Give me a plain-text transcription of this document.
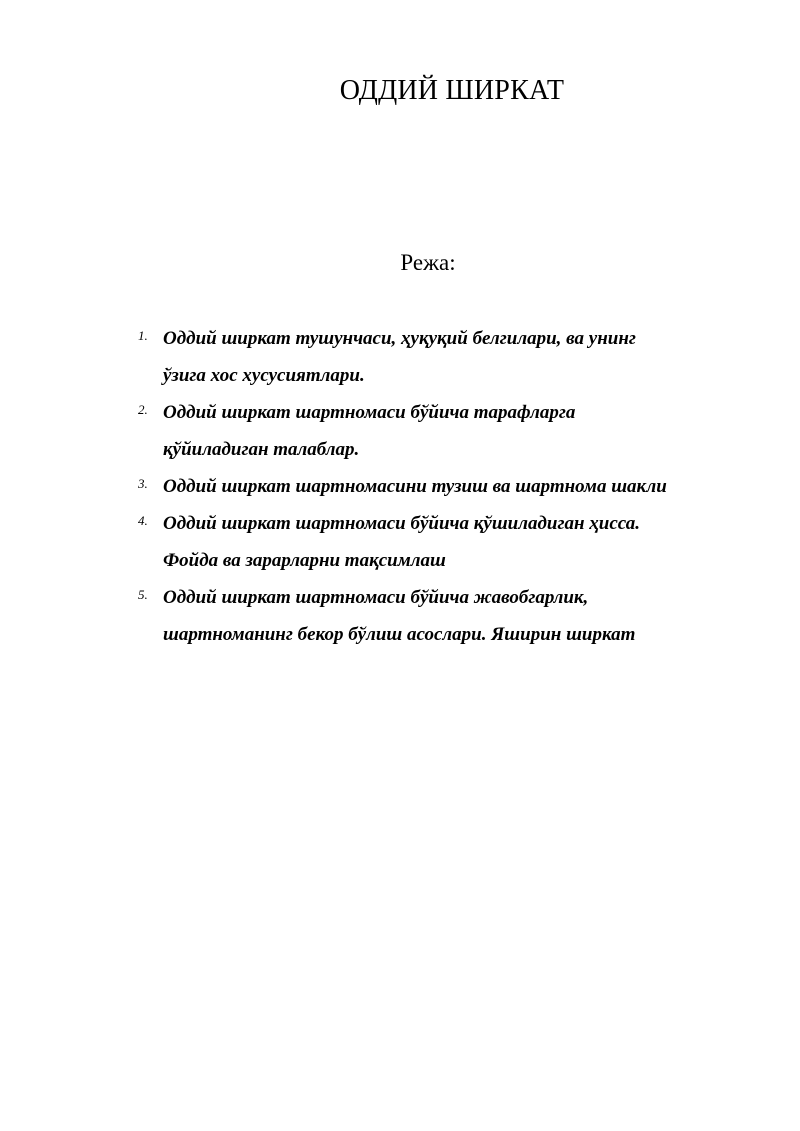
ОДДИЙ ШИРКАТ
Режа:
1. Оддий ширкат тушунчаси, ҳуқуқий белгилари, ва унинг
ўзига хос хусусиятлари.
2. Оддий ширкат шартномаси бўйича тарафларга
қўйиладиган талаблар.
3. Оддий ширкат шартномасини тузиш ва шартнома шакли
4. Оддий ширкат шартномаси бўйича қўшиладиган ҳисса.
Фойда ва зарарларни тақсимлаш
5. Оддий ширкат шартномаси бўйича жавобгарлик,
шартноманинг бекор бўлиш асослари. Яширин ширкат
